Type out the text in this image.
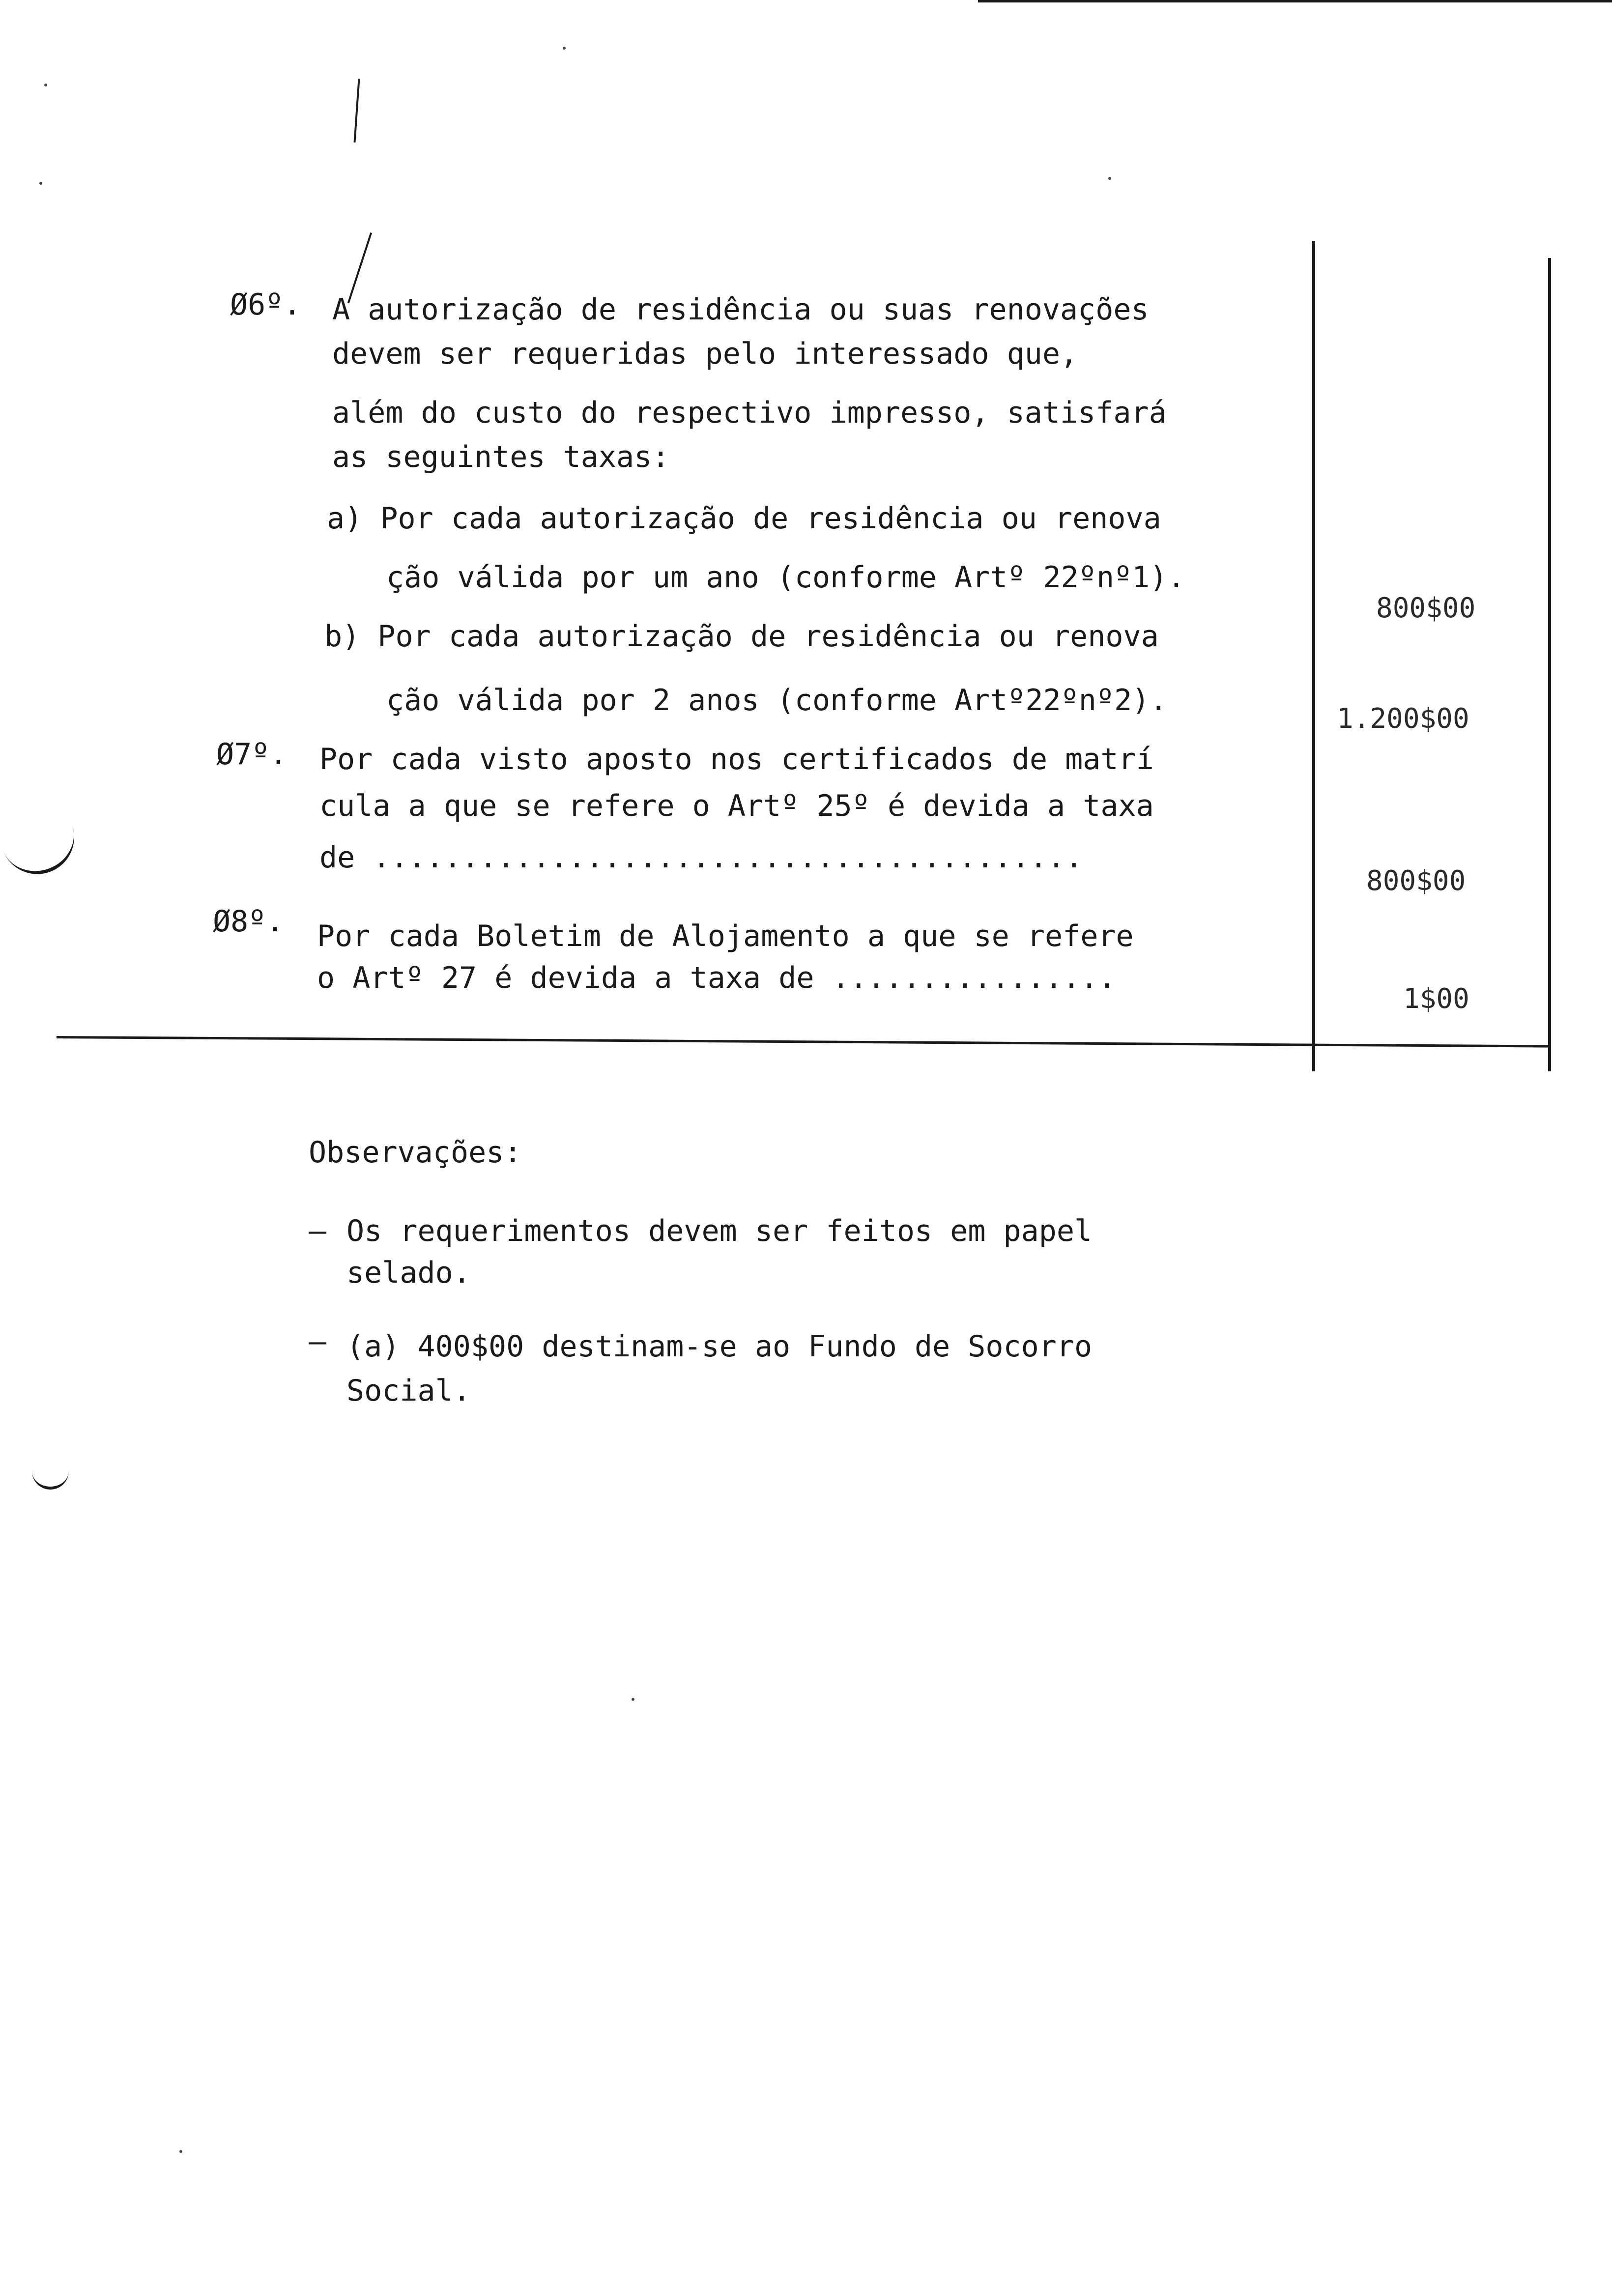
Ø6º. A autorização de residência ou suas renovações
devem ser requeridas pelo interessado que,
além do custo do respectivo impresso, satisfará
as seguintes taxas:
a) Por cada autorização de residência ou renova
ção válida por um ano (conforme Artº 22ºnº1).
800$00
b) Por cada autorização de residência ou renova
ção válida por 2 anos (conforme Artº22ºnº2).
1.200$00
Ø7º. Por cada visto aposto nos certificados de matrí
cula a que se refere o Artº 25º é devida a taxa
de ........................................
800$00
Ø8º. Por cada Boletim de Alojamento a que se refere
o Artº 27 é devida a taxa de ................
1$00
Observações:
– Os requerimentos devem ser feitos em papel
selado.
– (a) 400$00 destinam-se ao Fundo de Socorro
Social.
